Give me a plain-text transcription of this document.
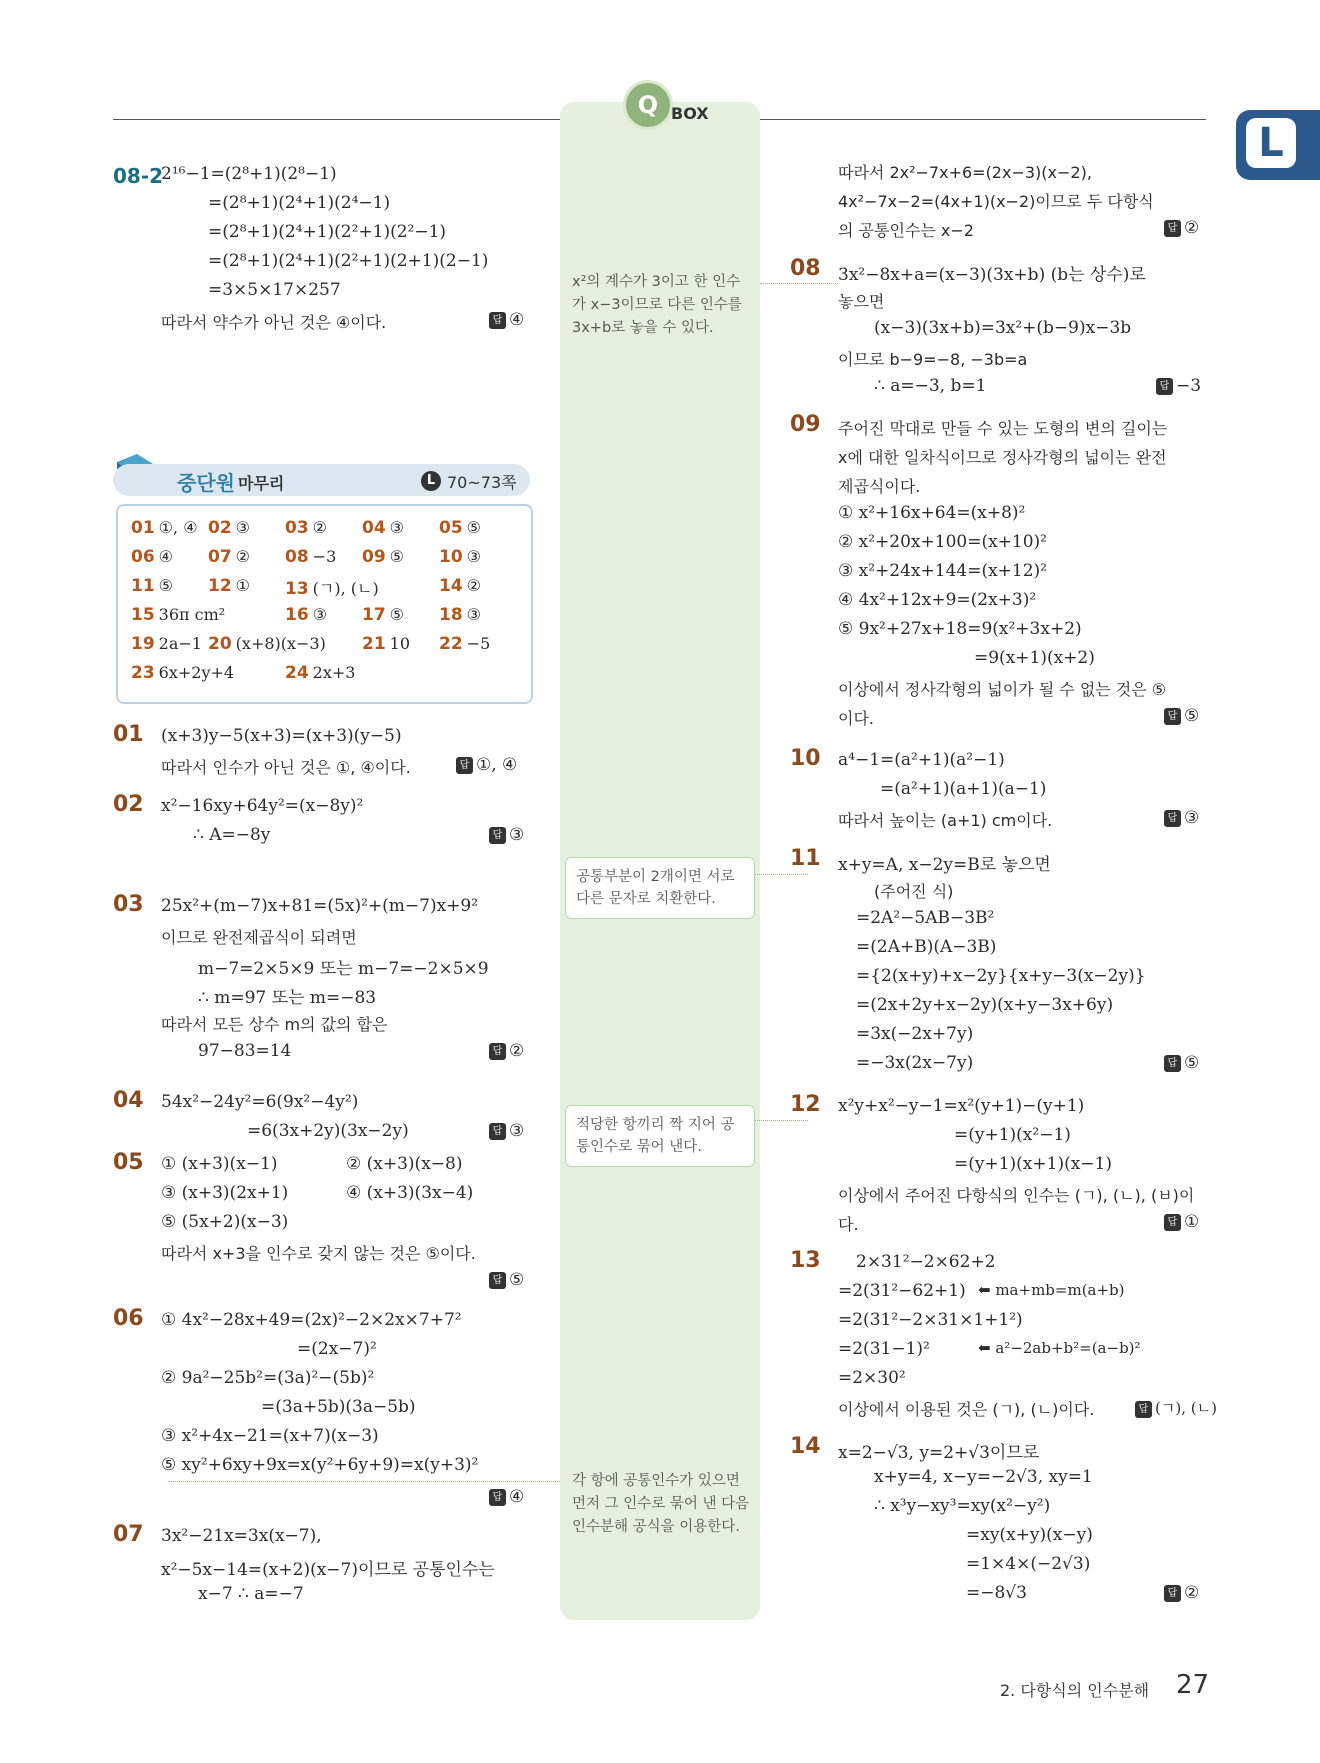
Q BOX
L
08-2
2¹⁶−1=(2⁸+1)(2⁸−1)
=(2⁸+1)(2⁴+1)(2⁴−1)
=(2⁸+1)(2⁴+1)(2²+1)(2²−1)
=(2⁸+1)(2⁴+1)(2²+1)(2+1)(2−1)
=3×5×17×257
따라서 약수가 아닌 것은 ④이다.	답 ④
중단원 마무리	L 70~73쪽
01 ①, ④ 02 ③ 03 ② 04 ③ 05 ⑤
06 ④ 07 ② 08 −3 09 ⑤ 10 ③
11 ⑤ 12 ① 13 (ㄱ), (ㄴ)	14 ②
15 36π cm²	16 ③ 17 ⑤ 18 ③
19 2a−1 20 (x+8)(x−3) 21 10 22 −5
23 6x+2y+4	24 2x+3
01 (x+3)y−5(x+3)=(x+3)(y−5)
따라서 인수가 아닌 것은 ①, ④이다.	답 ①, ④
02 x²−16xy+64y²=(x−8y)²
∴ A=−8y	답 ③
03 25x²+(m−7)x+81=(5x)²+(m−7)x+9²
이므로 완전제곱식이 되려면
m−7=2×5×9 또는 m−7=−2×5×9
∴ m=97 또는 m=−83
따라서 모든 상수 m의 값의 합은
97−83=14	답 ②
04 54x²−24y²=6(9x²−4y²)
=6(3x+2y)(3x−2y)	답 ③
05 ① (x+3)(x−1)	② (x+3)(x−8)
③ (x+3)(2x+1)	④ (x+3)(3x−4)
⑤ (5x+2)(x−3)
따라서 x+3을 인수로 갖지 않는 것은 ⑤이다.
답 ⑤
06 ① 4x²−28x+49=(2x)²−2×2x×7+7²
=(2x−7)²
② 9a²−25b²=(3a)²−(5b)²
=(3a+5b)(3a−5b)
③ x²+4x−21=(x+7)(x−3)
⑤ xy²+6xy+9x=x(y²+6y+9)=x(y+3)²
답 ④
07 3x²−21x=3x(x−7),
x²−5x−14=(x+2)(x−7)이므로 공통인수는
x−7 ∴ a=−7
x²의 계수가 3이고 한 인수가 x−3이므로 다른 인수를 3x+b로 놓을 수 있다.
공통부분이 2개이면 서로 다른 문자로 치환한다.
적당한 항끼리 짝 지어 공통인수로 묶어 낸다.
각 항에 공통인수가 있으면 먼저 그 인수로 묶어 낸 다음 인수분해 공식을 이용한다.
따라서 2x²−7x+6=(2x−3)(x−2),
4x²−7x−2=(4x+1)(x−2)이므로 두 다항식
의 공통인수는 x−2	답 ②
08 3x²−8x+a=(x−3)(3x+b) (b는 상수)로
놓으면
(x−3)(3x+b)=3x²+(b−9)x−3b
이므로 b−9=−8, −3b=a
∴ a=−3, b=1	답 −3
09 주어진 막대로 만들 수 있는 도형의 변의 길이는
x에 대한 일차식이므로 정사각형의 넓이는 완전
제곱식이다.
① x²+16x+64=(x+8)²
② x²+20x+100=(x+10)²
③ x²+24x+144=(x+12)²
④ 4x²+12x+9=(2x+3)²
⑤ 9x²+27x+18=9(x²+3x+2)
=9(x+1)(x+2)
이상에서 정사각형의 넓이가 될 수 없는 것은 ⑤
이다.	답 ⑤
10 a⁴−1=(a²+1)(a²−1)
=(a²+1)(a+1)(a−1)
따라서 높이는 (a+1) cm이다.	답 ③
11 x+y=A, x−2y=B로 놓으면
(주어진 식)
=2A²−5AB−3B²
=(2A+B)(A−3B)
={2(x+y)+x−2y}{x+y−3(x−2y)}
=(2x+2y+x−2y)(x+y−3x+6y)
=3x(−2x+7y)
=−3x(2x−7y)	답 ⑤
12 x²y+x²−y−1=x²(y+1)−(y+1)
=(y+1)(x²−1)
=(y+1)(x+1)(x−1)
이상에서 주어진 다항식의 인수는 (ㄱ), (ㄴ), (ㅂ)이
다.	답 ①
13 2×31²−2×62+2
=2(31²−62+1) ⬅ ma+mb=m(a+b)
=2(31²−2×31×1+1²)
=2(31−1)²	⬅ a²−2ab+b²=(a−b)²
=2×30²
이상에서 이용된 것은 (ㄱ), (ㄴ)이다.	답 (ㄱ), (ㄴ)
14 x=2−√3, y=2+√3이므로
x+y=4, x−y=−2√3, xy=1
∴ x³y−xy³=xy(x²−y²)
=xy(x+y)(x−y)
=1×4×(−2√3)
=−8√3	답 ②
2. 다항식의 인수분해 27
